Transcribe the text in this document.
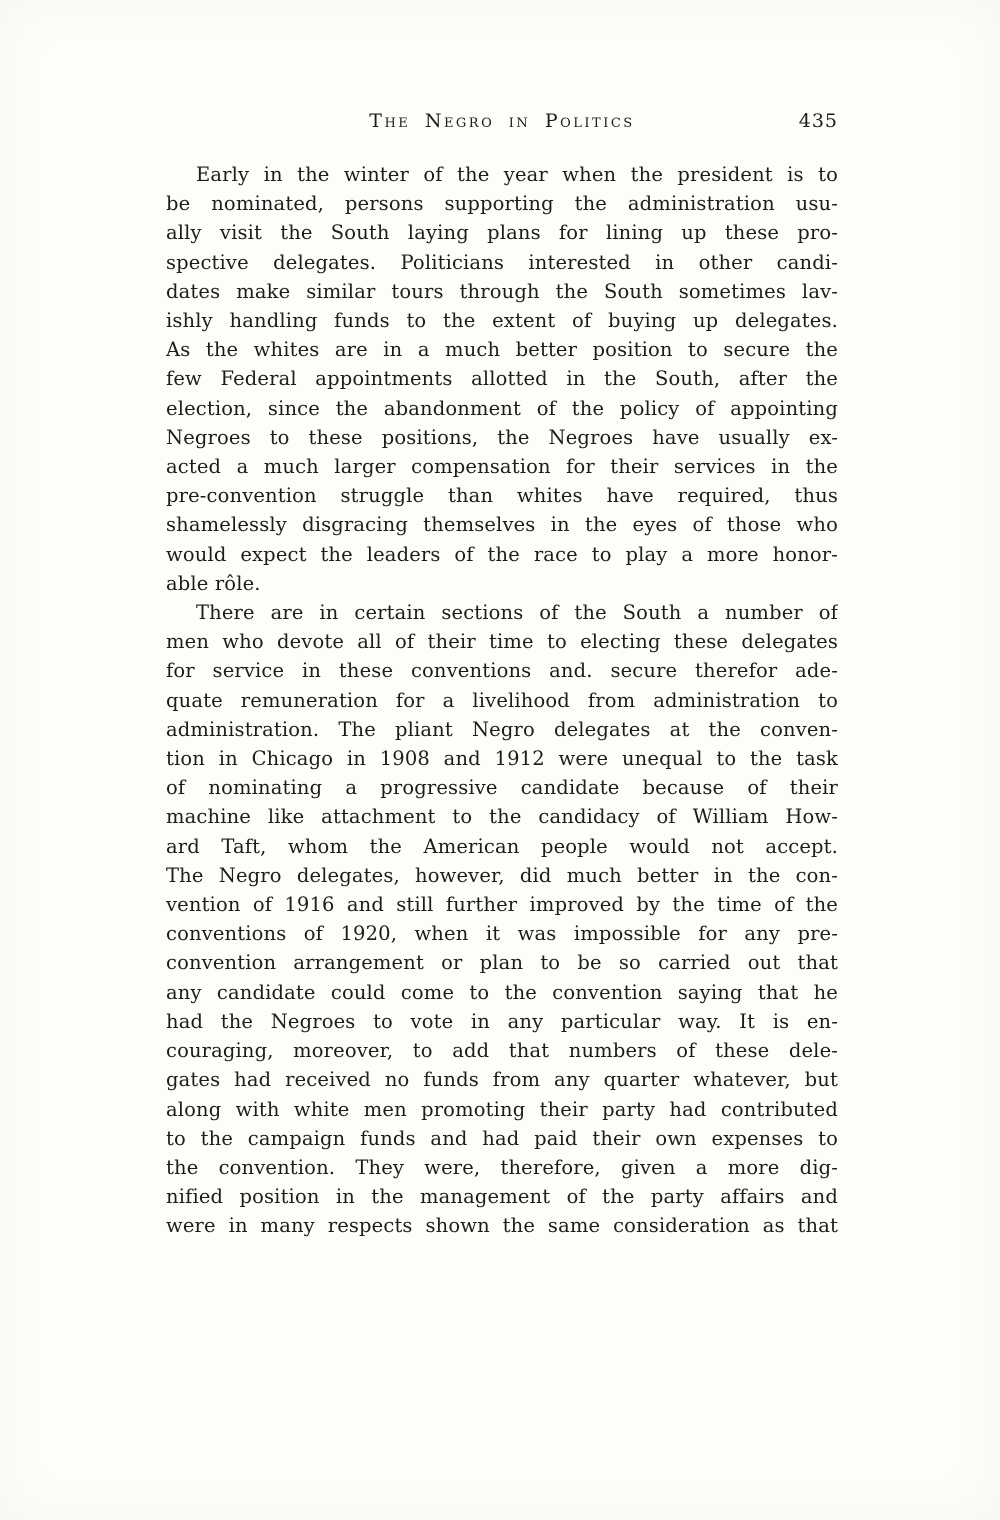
The Negro in Politics	435
Early in the winter of the year when the president is to
be nominated, persons supporting the administration usu-
ally visit the South laying plans for lining up these pro-
spective delegates. Politicians interested in other candi-
dates make similar tours through the South sometimes lav-
ishly handling funds to the extent of buying up delegates.
As the whites are in a much better position to secure the
few Federal appointments allotted in the South, after the
election, since the abandonment of the policy of appointing
Negroes to these positions, the Negroes have usually ex-
acted a much larger compensation for their services in the
pre-convention struggle than whites have required, thus
shamelessly disgracing themselves in the eyes of those who
would expect the leaders of the race to play a more honor-
able rôle.
There are in certain sections of the South a number of
men who devote all of their time to electing these delegates
for service in these conventions and. secure therefor ade-
quate remuneration for a livelihood from administration to
administration. The pliant Negro delegates at the conven-
tion in Chicago in 1908 and 1912 were unequal to the task
of nominating a progressive candidate because of their
machine like attachment to the candidacy of William How-
ard Taft, whom the American people would not accept.
The Negro delegates, however, did much better in the con-
vention of 1916 and still further improved by the time of the
conventions of 1920, when it was impossible for any pre-
convention arrangement or plan to be so carried out that
any candidate could come to the convention saying that he
had the Negroes to vote in any particular way. It is en-
couraging, moreover, to add that numbers of these dele-
gates had received no funds from any quarter whatever, but
along with white men promoting their party had contributed
to the campaign funds and had paid their own expenses to
the convention. They were, therefore, given a more dig-
nified position in the management of the party affairs and
were in many respects shown the same consideration as that
